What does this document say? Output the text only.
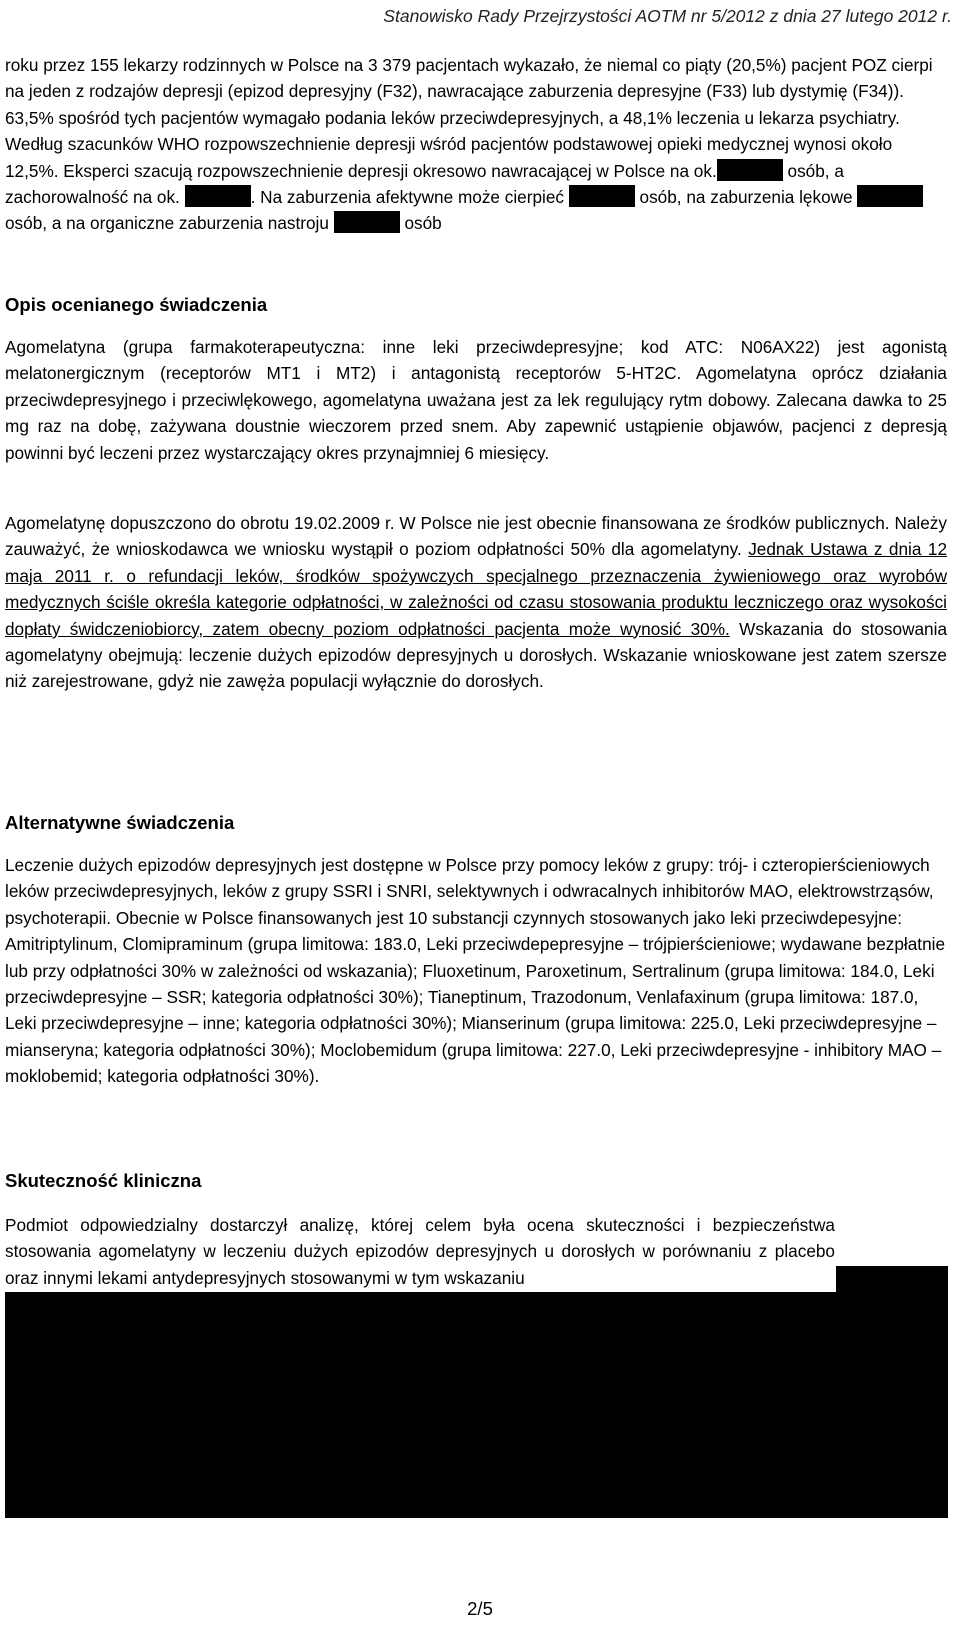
Stanowisko Rady Przejrzystości AOTM nr 5/2012 z dnia 27 lutego 2012 r.

roku przez 155 lekarzy rodzinnych w Polsce na 3 379 pacjentach wykazało, że niemal co piąty (20,5%) pacjent POZ cierpi na jeden z rodzajów depresji (epizod depresyjny (F32), nawracające zaburzenia depresyjne (F33) lub dystymię (F34)). 63,5% spośród tych pacjentów wymagało podania leków przeciwdepresyjnych, a 48,1% leczenia u lekarza psychiatry. Według szacunków WHO rozpowszechnienie depresji wśród pacjentów podstawowej opieki medycznej wynosi około 12,5%. Eksperci szacują rozpowszechnienie depresji okresowo nawracającej w Polsce na ok.	osób, a zachorowalność na ok.	. Na zaburzenia afektywne może cierpieć	osób, na zaburzenia lękowe  osób, a na organiczne zaburzenia nastroju	osób

Opis ocenianego świadczenia

Agomelatyna (grupa farmakoterapeutyczna: inne leki przeciwdepresyjne; kod ATC: N06AX22) jest agonistą melatonergicznym (receptorów MT1 i MT2) i antagonistą receptorów 5-HT2C. Agomelatyna oprócz działania przeciwdepresyjnego i przeciwlękowego, agomelatyna uważana jest za lek regulujący rytm dobowy. Zalecana dawka to 25 mg raz na dobę, zażywana doustnie wieczorem przed snem. Aby zapewnić ustąpienie objawów, pacjenci z depresją powinni być leczeni przez wystarczający okres przynajmniej 6 miesięcy.

Agomelatynę dopuszczono do obrotu 19.02.2009 r. W Polsce nie jest obecnie finansowana ze środków publicznych. Należy zauważyć, że wnioskodawca we wniosku wystąpił o poziom odpłatności 50% dla agomelatyny. Jednak Ustawa z dnia 12 maja 2011 r. o refundacji leków, środków spożywczych specjalnego przeznaczenia żywieniowego oraz wyrobów medycznych ściśle określa kategorie odpłatności, w zależności od czasu stosowania produktu leczniczego oraz wysokości dopłaty świdczeniobiorcy, zatem obecny poziom odpłatności pacjenta może wynosić 30%. Wskazania do stosowania agomelatyny obejmują: leczenie dużych epizodów depresyjnych u dorosłych. Wskazanie wnioskowane jest zatem szersze niż zarejestrowane, gdyż nie zawęża populacji wyłącznie do dorosłych.

Alternatywne świadczenia

Leczenie dużych epizodów depresyjnych jest dostępne w Polsce przy pomocy leków z grupy: trój- i czteropierścieniowych leków przeciwdepresyjnych, leków z grupy SSRI i SNRI, selektywnych i odwracalnych inhibitorów MAO, elektrowstrząsów, psychoterapii. Obecnie w Polsce finansowanych jest 10 substancji czynnych stosowanych jako leki przeciwdepesyjne: Amitriptylinum, Clomipraminum (grupa limitowa: 183.0, Leki przeciwdepepresyjne – trójpierścieniowe; wydawane bezpłatnie lub przy odpłatności 30% w zależności od wskazania); Fluoxetinum, Paroxetinum, Sertralinum (grupa limitowa: 184.0, Leki przeciwdepresyjne – SSR; kategoria odpłatności 30%); Tianeptinum, Trazodonum, Venlafaxinum (grupa limitowa: 187.0, Leki przeciwdepresyjne – inne; kategoria odpłatności 30%); Mianserinum (grupa limitowa: 225.0, Leki przeciwdepresyjne – mianseryna; kategoria odpłatności 30%); Moclobemidum (grupa limitowa: 227.0, Leki przeciwdepresyjne - inhibitory MAO – moklobemid; kategoria odpłatności 30%).

Skuteczność kliniczna

Podmiot odpowiedzialny dostarczył analizę, której celem była ocena skuteczności i bezpieczeństwa stosowania agomelatyny w leczeniu dużych epizodów depresyjnych u dorosłych w porównaniu z placebo oraz innymi lekami antydepresyjnych stosowanymi w tym wskazaniu

2/5
